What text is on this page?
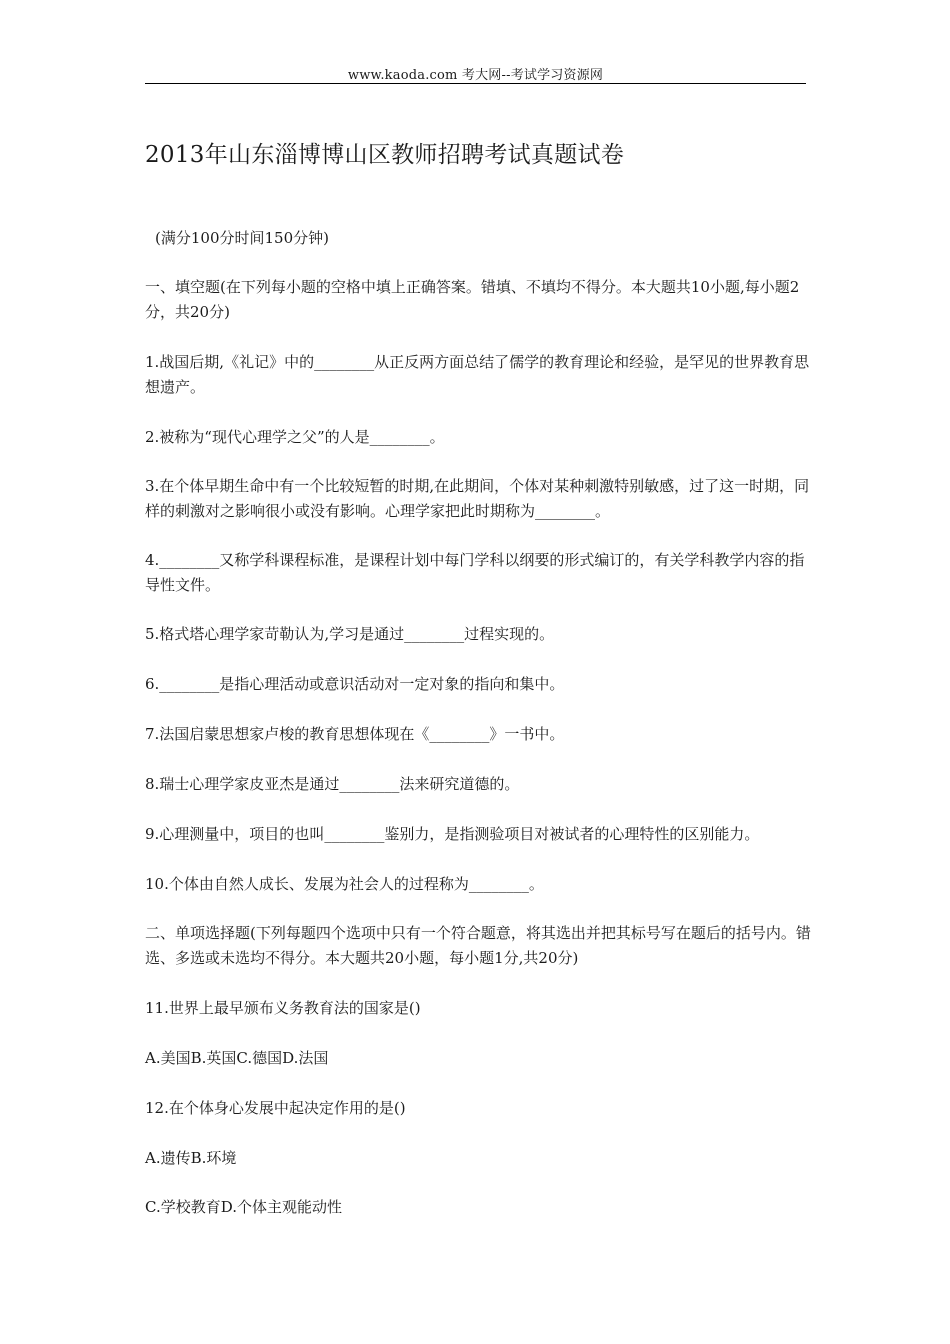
www.kaoda.com 考大网--考试学习资源网
2013年山东淄博博山区教师招聘考试真题试卷

(满分100分时间150分钟)

一、填空题(在下列每小题的空格中填上正确答案。错填、不填均不得分。本大题共10小题,每小题2分，共20分)

1.战国后期,《礼记》中的________从正反两方面总结了儒学的教育理论和经验，是罕见的世界教育思想遗产。

2.被称为“现代心理学之父”的人是________。

3.在个体早期生命中有一个比较短暂的时期,在此期间，个体对某种刺激特别敏感，过了这一时期，同样的刺激对之影响很小或没有影响。心理学家把此时期称为________。

4.________又称学科课程标准，是课程计划中每门学科以纲要的形式编订的，有关学科教学内容的指导性文件。

5.格式塔心理学家苛勒认为,学习是通过________过程实现的。

6.________是指心理活动或意识活动对一定对象的指向和集中。

7.法国启蒙思想家卢梭的教育思想体现在《________》一书中。

8.瑞士心理学家皮亚杰是通过________法来研究道德的。

9.心理测量中，项目的也叫________鉴别力，是指测验项目对被试者的心理特性的区别能力。

10.个体由自然人成长、发展为社会人的过程称为________。

二、单项选择题(下列每题四个选项中只有一个符合题意，将其选出并把其标号写在题后的括号内。错选、多选或未选均不得分。本大题共20小题，每小题1分,共20分)

11.世界上最早颁布义务教育法的国家是()

A.美国B.英国C.德国D.法国

12.在个体身心发展中起决定作用的是()

A.遗传B.环境

C.学校教育D.个体主观能动性
